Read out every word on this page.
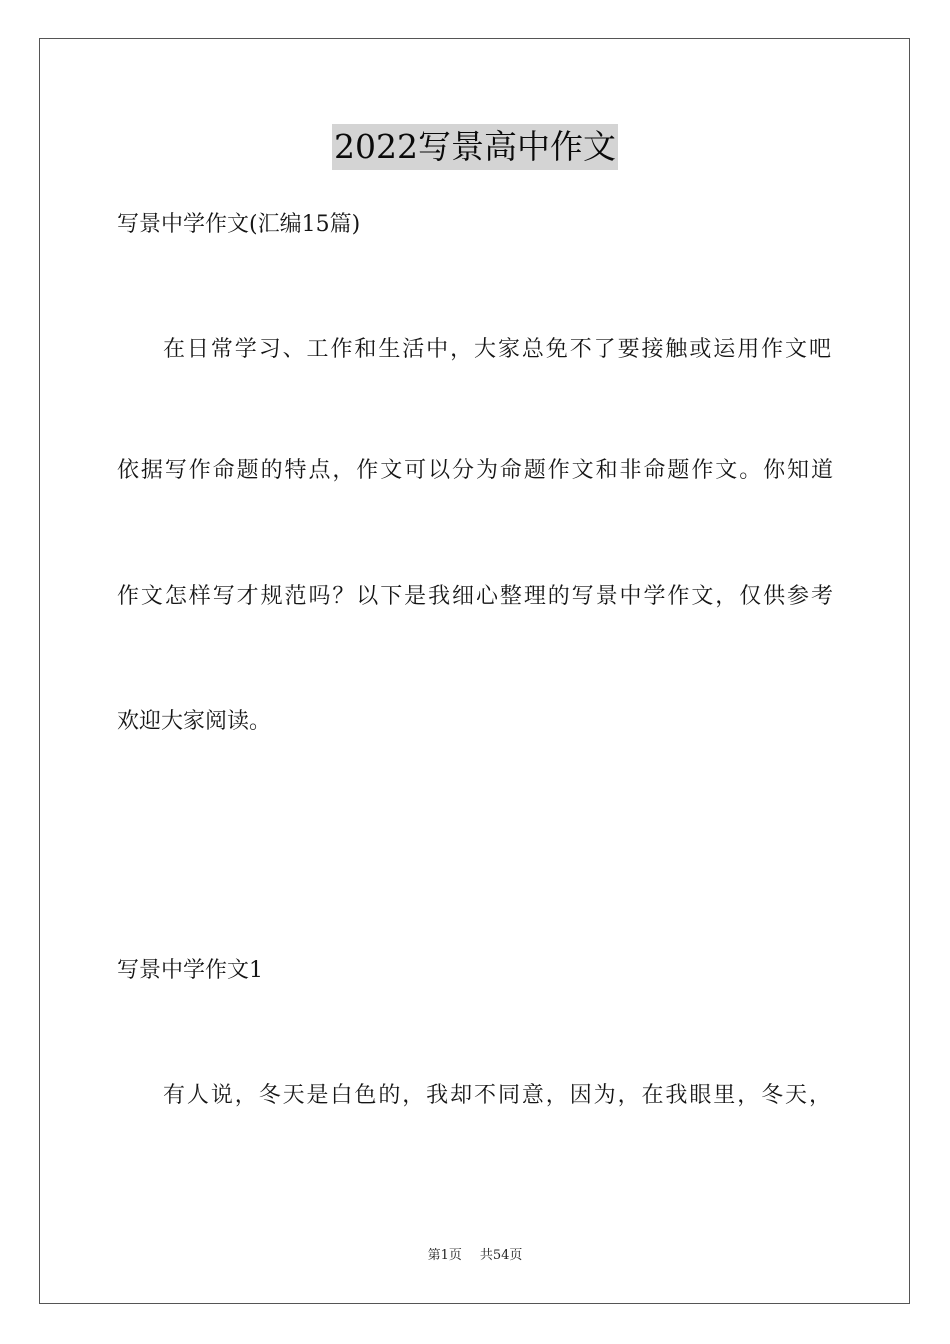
2022写景高中作文
写景中学作文(汇编15篇)
在日常学习、工作和生活中，大家总免不了要接触或运用作文吧
依据写作命题的特点，作文可以分为命题作文和非命题作文。你知道
作文怎样写才规范吗？以下是我细心整理的写景中学作文，仅供参考
欢迎大家阅读。
写景中学作文1
有人说，冬天是白色的，我却不同意，因为，在我眼里，冬天，
第1页 共54页
